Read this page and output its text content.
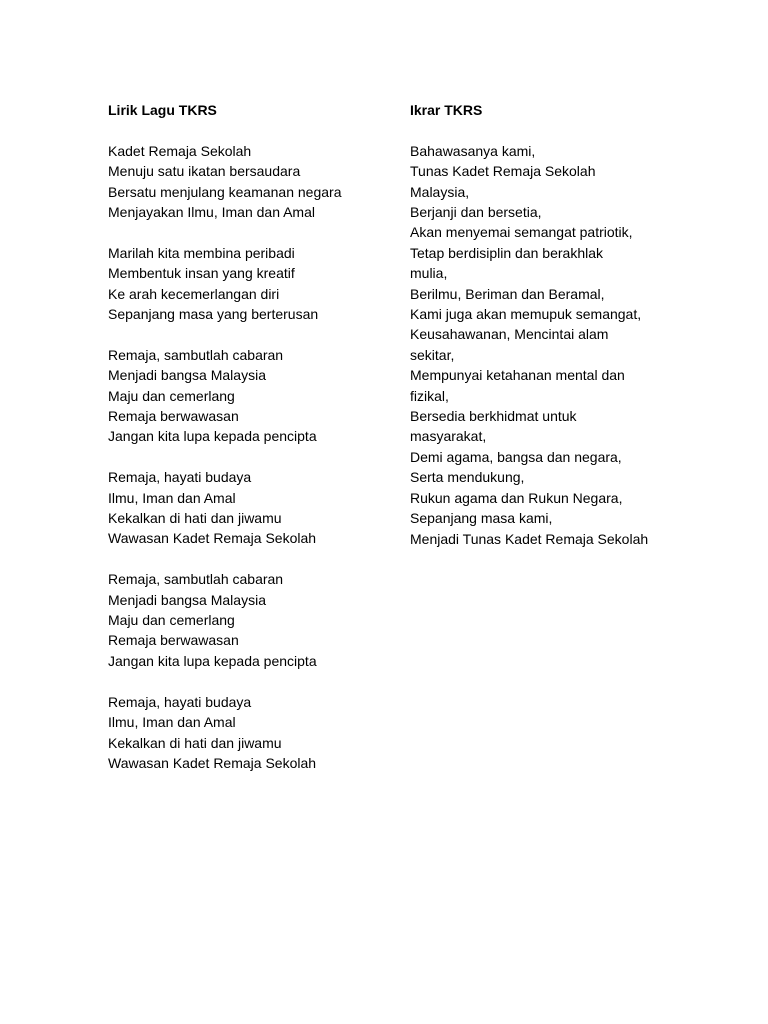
Lirik Lagu TKRS
Kadet Remaja Sekolah
Menuju satu ikatan bersaudara
Bersatu menjulang keamanan negara
Menjayakan Ilmu, Iman dan Amal
Marilah kita membina peribadi
Membentuk insan yang kreatif
Ke arah kecemerlangan diri
Sepanjang masa yang berterusan
Remaja, sambutlah cabaran
Menjadi bangsa Malaysia
Maju dan cemerlang
Remaja berwawasan
Jangan kita lupa kepada pencipta
Remaja, hayati budaya
Ilmu, Iman dan Amal
Kekalkan di hati dan jiwamu
Wawasan Kadet Remaja Sekolah
Remaja, sambutlah cabaran
Menjadi bangsa Malaysia
Maju dan cemerlang
Remaja berwawasan
Jangan kita lupa kepada pencipta
Remaja, hayati budaya
Ilmu, Iman dan Amal
Kekalkan di hati dan jiwamu
Wawasan Kadet Remaja Sekolah
Ikrar TKRS
Bahawasanya kami,
Tunas Kadet Remaja Sekolah
Malaysia,
Berjanji dan bersetia,
Akan menyemai semangat patriotik,
Tetap berdisiplin dan berakhlak
mulia,
Berilmu, Beriman dan Beramal,
Kami juga akan memupuk semangat,
Keusahawanan, Mencintai alam
sekitar,
Mempunyai ketahanan mental dan
fizikal,
Bersedia berkhidmat untuk
masyarakat,
Demi agama, bangsa dan negara,
Serta mendukung,
Rukun agama dan Rukun Negara,
Sepanjang masa kami,
Menjadi Tunas Kadet Remaja Sekolah
